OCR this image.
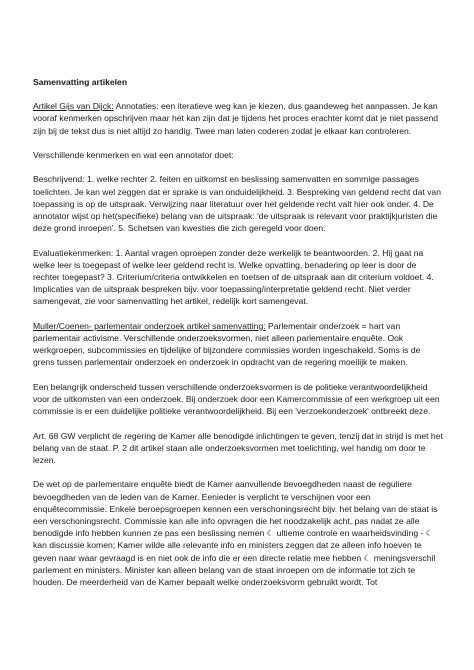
Samenvatting artikelen

Artikel Gijs van Dijck: Annotaties: een iteratieve weg kan je kiezen, dus gaandeweg het aanpassen. Je kan vooraf kenmerken opschrijven maar het kan zijn dat je tijdens het proces erachter komt dat je niet passend zijn bij de tekst dus is niet altijd zo handig. Twee man laten coderen zodat je elkaar kan controleren.

Verschillende kenmerken en wat een annotator doet:

Beschrijvend: 1. welke rechter 2. feiten en uitkomst en beslissing samenvatten en sommige passages toelichten. Je kan wel zeggen dat er sprake is van onduidelijkheid. 3. Bespreking van geldend recht dat van toepassing is op de uitspraak. Verwijzing naar literatuur over het geldende recht valt hier ook onder. 4. De annotator wijst op het(specifieke) belang van de uitspraak: 'de uitspraak is relevant voor praktijkjuristen die deze grond inroepen'. 5. Schetsen van kwesties die zich geregeld voor doen.

Evaluatiekenmerken: 1. Aantal vragen oproepen zonder deze werkelijk te beantwoorden. 2. Hij gaat na welke leer is toegepast of welke leer geldend recht is. Welke opvatting, benadering op leer is door de rechter toegepast? 3. Criterium/criteria ontwikkelen en toetsen of de uitspraak aan dit criterium voldoet. 4. Implicaties van de uitspraak bespreken bijv. voor toepassing/interpretatie geldend recht. Niet verder samengevat, zie voor samenvatting het artikel, redelijk kort samengevat.

Muller/Coenen- parlementair onderzoek artikel samenvatting: Parlementair onderzoek = hart van parlementair activisme. Verschillende onderzoeksvormen, niet alleen parlementaire enquête. Ook werkgroepen, subcommissies en tijdelijke of bijzondere commissies worden ingeschakeld. Soms is de grens tussen parlementair onderzoek en onderzoek in opdracht van de regering moeilijk te maken.

Een belangrijk onderscheid tussen verschillende onderzoeksvormen is de politieke verantwoordelijkheid voor de uitkomsten van een onderzoek. Bij onderzoek door een Kamercommissie of een werkgroep uit een commissie is er een duidelijke politieke verantwoordelijkheid. Bij een 'verzoekonderzoek' ontbreekt deze.

Art. 68 GW verplicht de regering de Kamer alle benodigde inlichtingen te geven, tenzij dat in strijd is met het belang van de staat. P. 2 dit artikel staan alle onderzoeksvormen met toelichting, wel handig om door te lezen.

De wet op de parlementaire enquête biedt de Kamer aanvullende bevoegdheden naast de reguliere bevoegdheden van de leden van de Kamer. Eenieder is verplicht te verschijnen voor een enquêtecommissie. Enkele beroepsgroepen kennen een verschoningsrecht bijv. het belang van de staat is een verschoningsrecht. Commissie kan alle info opvragen die het noodzakelijk acht, pas nadat ze alle benodigde info hebben kunnen ze pas een beslissing nemen ☾ ultieme controle en waarheidsvinding - ☾ kan discussie komen; Kamer wilde alle relevante info en ministers zeggen dat ze alleen info hoeven te geven naar waar gevraagd is en niet ook de info die er een directe relatie mee hebben ☾ meningsverschil parlement en ministers. Minister kan alleen belang van de staat inroepen om de informatie tot zich te houden. De meerderheid van de Kamer bepaalt welke onderzoeksvorm gebruikt wordt. Tot
